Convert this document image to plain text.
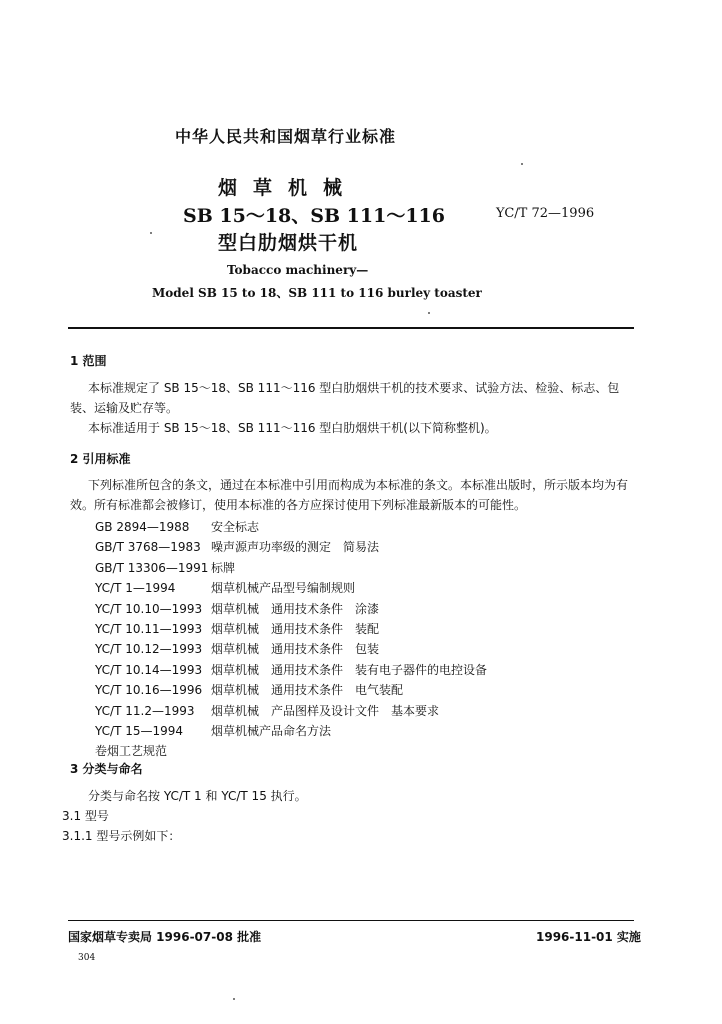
中华人民共和国烟草行业标准
烟草机械
SB 15～18、SB 111～116
型白肋烟烘干机
YC/T 72—1996
Tobacco machinery—
Model SB 15 to 18、SB 111 to 116 burley toaster
1 范围
本标准规定了 SB 15～18、SB 111～116 型白肋烟烘干机的技术要求、试验方法、检验、标志、包装、运输及贮存等。
本标准适用于 SB 15～18、SB 111～116 型白肋烟烘干机(以下简称整机)。
2 引用标准
下列标准所包含的条文，通过在本标准中引用而构成为本标准的条文。本标准出版时，所示版本均为有效。所有标准都会被修订，使用本标准的各方应探讨使用下列标准最新版本的可能性。
GB 2894—1988 安全标志
GB/T 3768—1983 噪声源声功率级的测定　简易法
GB/T 13306—1991 标牌
YC/T 1—1994	烟草机械产品型号编制规则
YC/T 10.10—1993 烟草机械　通用技术条件　涂漆
YC/T 10.11—1993 烟草机械　通用技术条件　装配
YC/T 10.12—1993 烟草机械　通用技术条件　包装
YC/T 10.14—1993 烟草机械　通用技术条件　装有电子器件的电控设备
YC/T 10.16—1996 烟草机械　通用技术条件　电气装配
YC/T 11.2—1993 烟草机械　产品图样及设计文件　基本要求
YC/T 15—1994 烟草机械产品命名方法
卷烟工艺规范
3 分类与命名
分类与命名按 YC/T 1 和 YC/T 15 执行。
3.1 型号
3.1.1 型号示例如下：
国家烟草专卖局 1996-07-08 批准	1996-11-01 实施
304
